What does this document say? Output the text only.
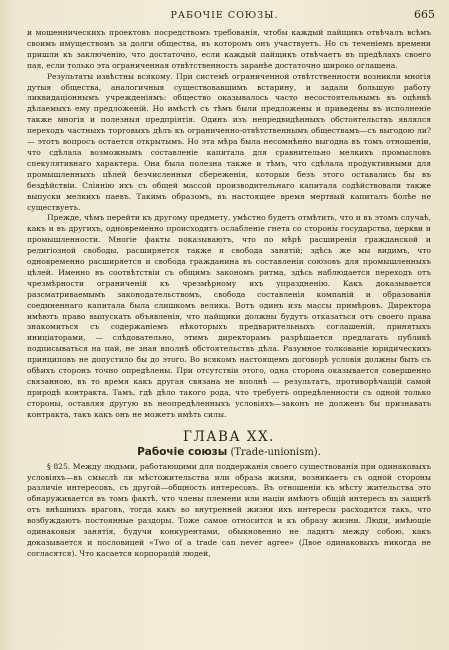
РАБОЧІЕ СОЮЗЫ.	665

и мошенническихъ проектовъ посредствомъ требованія, чтобы каждый пайщикъ отвѣчалъ всѣмъ своимъ имуществомъ за долги общества, въ которомъ онъ участвуетъ. Но съ теченіемъ времени пришли къ заключенію, что достаточно, если каждый пайщикъ отвѣчаетъ въ предѣлахъ своего пая, если только эта ограниченная отвѣтственность заранѣе достаточно широко оглашена.

Результаты извѣстны всякому. При системѣ ограниченной отвѣтственности возникли многія дутыя общества, аналогичныя существовавшимъ встарину, и задали большую работу ликвидаціоннымъ учрежденіямъ: общество оказывалось часто несостоятельнымъ въ оцѣнкѣ дѣлаемыхъ ему предложеній. Но имѣстѣ съ тѣмъ были предложены и приведены въ исполненіе также многія и полезныя предпріятія. Одинъ изъ непредвидѣнныхъ обстоятельствъ являлся переходъ частныхъ торговыхъ дѣлъ къ ограниченно-отвѣтственнымъ обществамъ—съ выгодою ли? — этотъ вопросъ остается открытымъ. Но эта мѣра была несомнѣнно выгодна въ томъ отношеніи, что сдѣлала возможнымъ составленіе капитала для сравнительно мелкихъ промысловъ спекулятивнаго характера. Она была полезна также и тѣмъ, что сдѣлала продуктивными для промышленныхъ цѣлей безчисленныя сбереженія, которыя безъ этого оставались бы въ бездѣйствіи. Слiянію ихъ съ общей массой производительнаго капитала содѣйствовали также выпуски мелкихъ паевъ. Такимъ образомъ, въ настоящее время мертвый капиталъ болѣе не существуетъ.

Прежде, чѣмъ перейти къ другому предмету, умѣстно будетъ отмѣтить, что и въ этомъ случаѣ, какъ и въ другихъ, одновременно происходитъ ослабленіе гнета со стороны государства, церкви и промышленности. Многіе факты показываютъ, что по мѣрѣ расширенія гражданской и религіозной свободы, расширяется также и свобода занятій; здѣсь же мы видимъ, что одновременно расширяется и свобода гражданина въ составленіи союзовъ для промышленныхъ цѣлей. Именно въ соотвѣтствіи съ общимъ закономъ ритма, здѣсь наблюдается переходъ отъ чрезмѣрности ограниченій къ чрезмѣрному ихъ упраздненію. Какъ доказывается разсматриваемымъ законодательствомъ, свобода составленія компаній и образованія соединеннаго капитала была слишкомъ велика. Вотъ одинъ изъ массы примѣровъ. Директора имѣютъ право выпускать объявленія, что пайщики должны будутъ отказаться отъ своего права знакомиться съ содержаніемъ нѣкоторыхъ предварительныхъ соглашеній, принятыхъ иниціаторами, — слѣдовательно, этимъ директорамъ разрѣшается предлагать публикѣ подписываться на пай, не зная вполнѣ обстоятельствъ дѣла. Разумное толкованіе юридическихъ принциповъ не допустило бы до этого. Во всякомъ настоящемъ договорѣ условія должны быть съ обѣихъ сторонъ точно опредѣлены. При отсутствіи этого, одна сторона оказывается совершенно связанною, въ то время какъ другая связана не вполнѣ — результатъ, противорѣчащій самой природѣ контракта. Тамъ, гдѣ дѣло такого рода, что требуетъ опредѣленности съ одной только стороны, оставляя другую въ неопредѣленныхъ условіяхъ—законъ не долженъ бы признавать контракта, такъ какъ онъ не можетъ имѣть силы.

ГЛАВА XX.
Рабочіе союзы (Trade-unionism).

§ 825. Между людьми, работающими для поддержанія своего существованія при одинаковыхъ условіяхъ—въ смыслѣ ли мѣстожительства или образа жизни, возникаетъ съ одной стороны различіе интересовъ, съ другой—общность интересовъ. Въ отношеніи къ мѣсту жительства это обнаруживается въ томъ фактѣ, что члены племени или націи имѣютъ общій интересъ въ защитѣ отъ внѣшнихъ враговъ, тогда какъ во внутренней жизни ихъ интересы расходятся такъ, что возбуждаютъ постоянные раздоры. Тоже самое относится и къ образу жизни. Люди, имѣющіе одинаковыя занятія, будучи конкурентами, обыкновенно не ладятъ между собою, какъ доказывается и пословицей «Two of a trade can never agree» (Двое одинаковыхъ никогда не согласятся). Что касается корпорацій людей,
